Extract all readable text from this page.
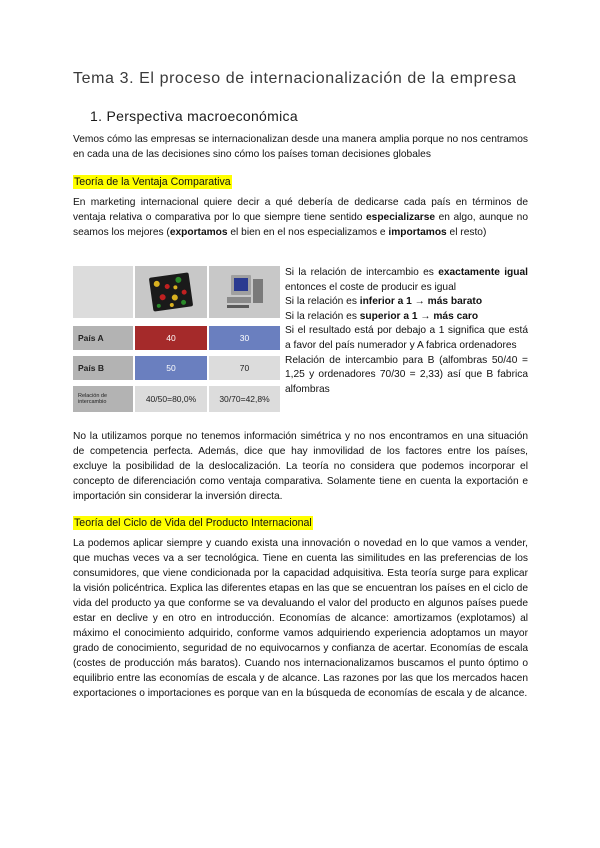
Tema 3. El proceso de internacionalización de la empresa
1. Perspectiva macroeconómica

Vemos cómo las empresas se internacionalizan desde una manera amplia porque no nos centramos en cada una de las decisiones sino cómo los países toman decisiones globales

Teoría de la Ventaja Comparativa

En marketing internacional quiere decir a qué debería de dedicarse cada país en términos de ventaja relativa o comparativa por lo que siempre tiene sentido especializarse en algo, aunque no seamos los mejores (exportamos el bien en el nos especializamos e importamos el resto)

País A	40	30
País B	50	70
Relación de intercambio	40/50=80,0%	30/70=42,8%
Si la relación de intercambio es exactamente igual entonces el coste de producir es igual
Si la relación es inferior a 1 → más barato
Si la relación es superior a 1 → más caro
Si el resultado está por debajo a 1 significa que está a favor del país numerador y A fabrica ordenadores
Relación de intercambio para B (alfombras 50/40 = 1,25 y ordenadores 70/30 = 2,33) así que B fabrica alfombras

No la utilizamos porque no tenemos información simétrica y no nos encontramos en una situación de competencia perfecta. Además, dice que hay inmovilidad de los factores entre los países, excluye la posibilidad de la deslocalización. La teoría no considera que podemos incorporar el concepto de diferenciación como ventaja comparativa. Solamente tiene en cuenta la exportación e importación sin considerar la inversión directa.

Teoría del Ciclo de Vida del Producto Internacional

La podemos aplicar siempre y cuando exista una innovación o novedad en lo que vamos a vender, que muchas veces va a ser tecnológica. Tiene en cuenta las similitudes en las preferencias de los consumidores, que viene condicionada por la capacidad adquisitiva. Esta teoría surge para explicar la visión policéntrica. Explica las diferentes etapas en las que se encuentran los países en el ciclo de vida del producto ya que conforme se va devaluando el valor del producto en algunos países puede estar en declive y en otro en introducción. Economías de alcance: amortizamos (explotamos) al máximo el conocimiento adquirido, conforme vamos adquiriendo experiencia adoptamos un mayor grado de conocimiento, seguridad de no equivocarnos y confianza de acertar. Economías de escala (costes de producción más baratos). Cuando nos internacionalizamos buscamos el punto óptimo o equilibrio entre las economías de escala y de alcance. Las razones por las que los mercados hacen exportaciones o importaciones es porque van en la búsqueda de economías de escala y de alcance.
